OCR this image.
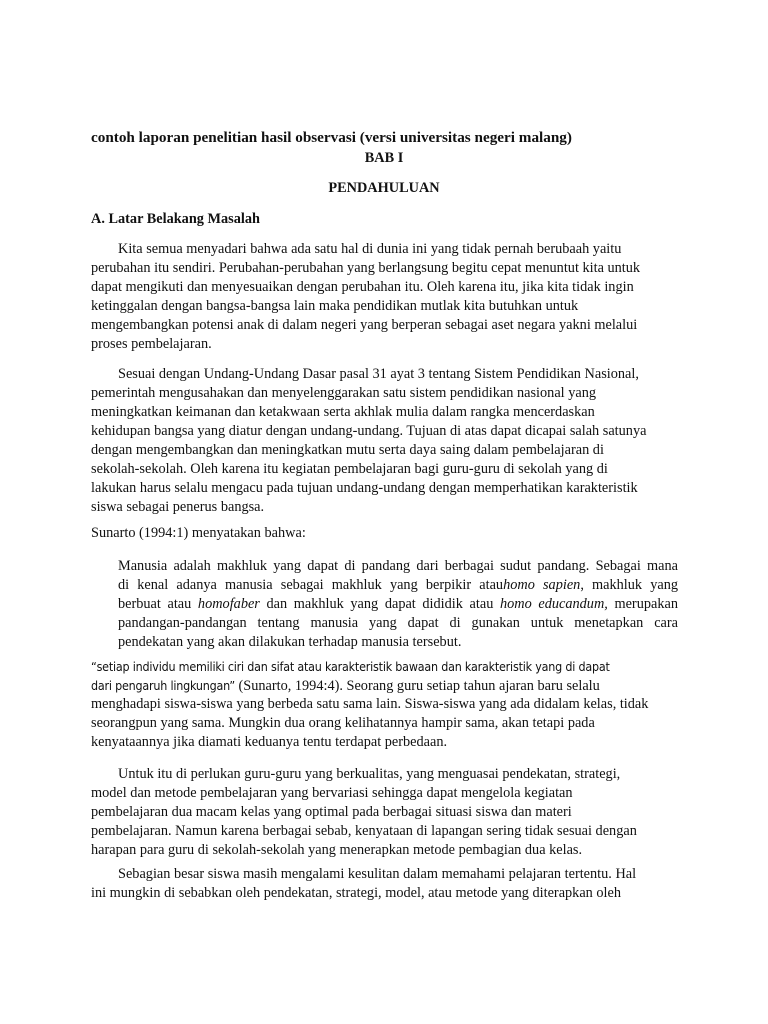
contoh laporan penelitian hasil observasi (versi universitas negeri malang)
BAB I
PENDAHULUAN
A. Latar Belakang Masalah
Kita semua menyadari bahwa ada satu hal di dunia ini yang tidak pernah berubaah yaitu
perubahan itu sendiri. Perubahan-perubahan yang berlangsung begitu cepat menuntut kita untuk
dapat mengikuti dan menyesuaikan dengan perubahan itu. Oleh karena itu, jika kita tidak ingin
ketinggalan dengan bangsa-bangsa lain maka pendidikan mutlak kita butuhkan untuk
mengembangkan potensi anak di dalam negeri yang berperan sebagai aset negara yakni melalui
proses pembelajaran.
Sesuai dengan Undang-Undang Dasar pasal 31 ayat 3 tentang Sistem Pendidikan Nasional,
pemerintah mengusahakan dan menyelenggarakan satu sistem pendidikan nasional yang
meningkatkan keimanan dan ketakwaan serta akhlak mulia dalam rangka mencerdaskan
kehidupan bangsa yang diatur dengan undang-undang. Tujuan di atas dapat dicapai salah satunya
dengan mengembangkan dan meningkatkan mutu serta daya saing dalam pembelajaran di
sekolah-sekolah. Oleh karena itu kegiatan pembelajaran bagi guru-guru di sekolah yang di
lakukan harus selalu mengacu pada tujuan undang-undang dengan memperhatikan karakteristik
siswa sebagai penerus bangsa.
Sunarto (1994:1) menyatakan bahwa:
Manusia adalah makhluk yang dapat di pandang dari berbagai sudut pandang. Sebagai mana
di kenal adanya manusia sebagai makhluk yang berpikir atauhomo sapien, makhluk yang
berbuat atau homofaber dan makhluk yang dapat dididik atau homo educandum, merupakan
pandangan-pandangan tentang manusia yang dapat di gunakan untuk menetapkan cara
pendekatan yang akan dilakukan terhadap manusia tersebut.
“setiap individu memiliki ciri dan sifat atau karakteristik bawaan dan karakteristik yang di dapat
dari pengaruh lingkungan” (Sunarto, 1994:4). Seorang guru setiap tahun ajaran baru selalu
menghadapi siswa-siswa yang berbeda satu sama lain. Siswa-siswa yang ada didalam kelas, tidak
seorangpun yang sama. Mungkin dua orang kelihatannya hampir sama, akan tetapi pada
kenyataannya jika diamati keduanya tentu terdapat perbedaan.
Untuk itu di perlukan guru-guru yang berkualitas, yang menguasai pendekatan, strategi,
model dan metode pembelajaran yang bervariasi sehingga dapat mengelola kegiatan
pembelajaran dua macam kelas yang optimal pada berbagai situasi siswa dan materi
pembelajaran. Namun karena berbagai sebab, kenyataan di lapangan sering tidak sesuai dengan
harapan para guru di sekolah-sekolah yang menerapkan metode pembagian dua kelas.
Sebagian besar siswa masih mengalami kesulitan dalam memahami pelajaran tertentu. Hal
ini mungkin di sebabkan oleh pendekatan, strategi, model, atau metode yang diterapkan oleh
